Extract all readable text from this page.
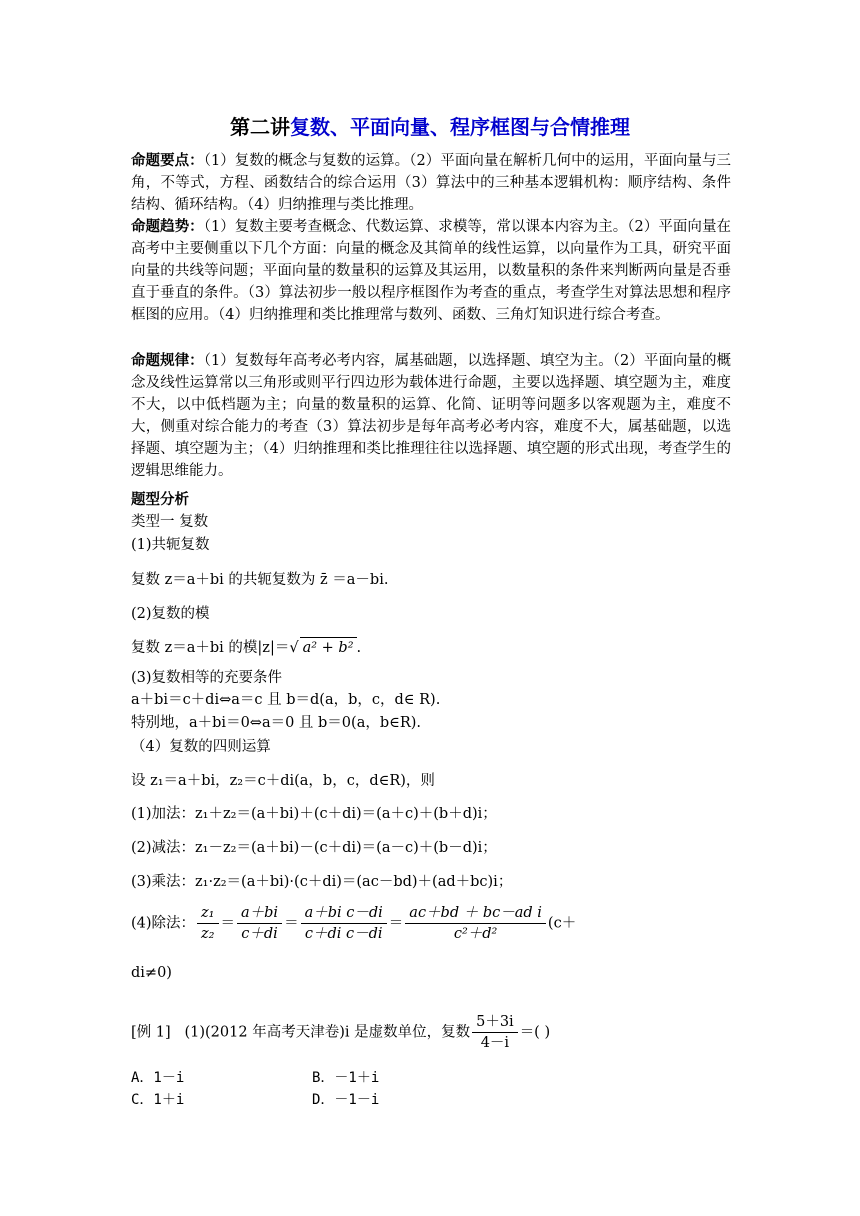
第二讲复数、平面向量、程序框图与合情推理
命题要点：（1）复数的概念与复数的运算。（2）平面向量在解析几何中的运用，平面向量与三角，不等式，方程、函数结合的综合运用（3）算法中的三种基本逻辑机构：顺序结构、条件结构、循环结构。（4）归纳推理与类比推理。
命题趋势：（1）复数主要考查概念、代数运算、求模等，常以课本内容为主。（2）平面向量在高考中主要侧重以下几个方面：向量的概念及其简单的线性运算，以向量作为工具，研究平面向量的共线等问题；平面向量的数量积的运算及其运用，以数量积的条件来判断两向量是否垂直于垂直的条件。（3）算法初步一般以程序框图作为考查的重点，考查学生对算法思想和程序框图的应用。（4）归纳推理和类比推理常与数列、函数、三角灯知识进行综合考查。
命题规律：（1）复数每年高考必考内容，属基础题，以选择题、填空为主。（2）平面向量的概念及线性运算常以三角形或则平行四边形为载体进行命题，主要以选择题、填空题为主，难度不大，以中低档题为主；向量的数量积的运算、化简、证明等问题多以客观题为主，难度不大，侧重对综合能力的考查（3）算法初步是每年高考必考内容，难度不大，属基础题，以选择题、填空题为主；（4）归纳推理和类比推理往往以选择题、填空题的形式出现，考查学生的逻辑思维能力。
题型分析
类型一 复数
(1)共轭复数
复数 z＝a＋bi 的共轭复数为 z̄ ＝a－bi.
(2)复数的模
复数 z＝a＋bi 的模|z|＝√ a² + b² .
(3)复数相等的充要条件
a＋bi＝c＋di⇔a＝c 且 b＝d(a，b，c，d∈ R).
特别地，a＋bi＝0⇔a＝0 且 b＝0(a，b∈R).
（4）复数的四则运算
设 z₁＝a＋bi，z₂＝c＋di(a，b，c，d∈R)，则
(1)加法：z₁＋z₂＝(a＋bi)＋(c＋di)＝(a＋c)＋(b＋d)i；
(2)减法：z₁－z₂＝(a＋bi)－(c＋di)＝(a－c)＋(b－d)i；
(3)乘法：z₁·z₂＝(a＋bi)·(c＋di)＝(ac－bd)＋(ad＋bc)i；
(4)除法： $\frac{\text{z₁}}{\text{z₂}} = \frac{a+bi}{c+di} = \frac{\text{a＋bi c－di}}{\text{c＋di c－di}} = \frac{\text{ac＋bd ＋ bc－ad i}}{\text{c²＋d²}} (c+$
di≠0)
[例 1] (1)(2012 年高考天津卷)i 是虚数单位，复数 $\frac{5+3i}{4-i}$ ＝( )
A．1－i	B．－1＋i
C．1＋i	D．－1－i
